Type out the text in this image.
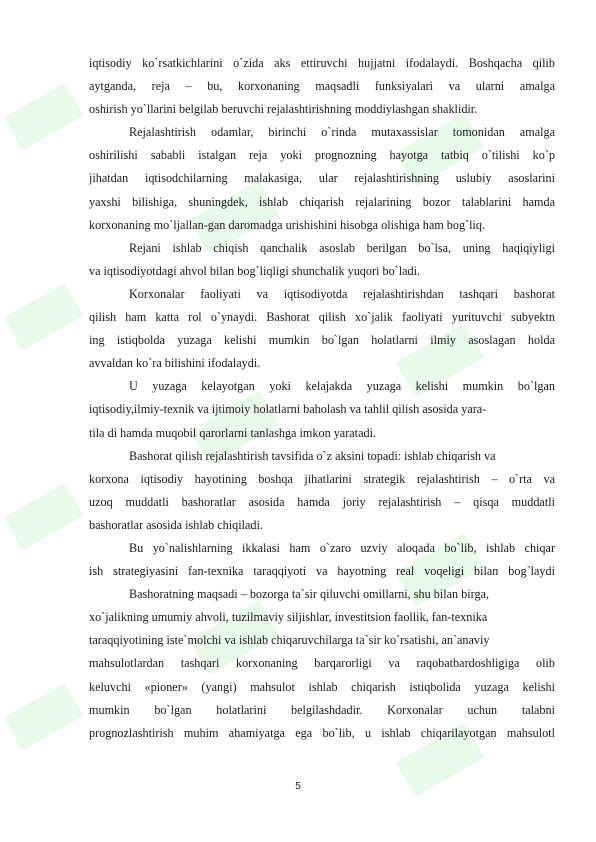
iqtisodiy ko`rsatkichlarini o`zida aks ettiruvchi hujjatni ifodalaydi. Boshqacha qilib
aytganda, reja – bu, korxonaning maqsadli funksiyalari va ularni amalga
oshirish yo`llarini belgilab beruvchi rejalashtirishning moddiylashgan shaklidir.
Rejalashtirish odamlar, birinchi o`rinda mutaxassislar tomonidan amalga
oshirilishi sababli istalgan reja yoki prognozning hayotga tatbiq o`tilishi ko`p
jihatdan iqtisodchilarning malakasiga, ular rejalashtirishning uslubiy asoslarini
yaxshi bilishiga, shuningdek, ishlab chiqarish rejalarining bozor talablarini hamda
korxonaning mo`ljallan-gan daromadga urishishini hisobga olishiga ham bog`liq.
Rejani ishlab chiqish qanchalik asoslab berilgan bo`lsa, uning haqiqiyligi
va iqtisodiyotdagi ahvol bilan bog`liqligi shunchalik yuqori bo`ladi.
Korxonalar faoliyati va iqtisodiyotda rejalashtirishdan tashqari bashorat
qilish ham katta rol o`ynaydi. Bashorat qilish xo`jalik faoliyati yurituvchi subyektn
ing istiqbolda yuzaga kelishi mumkin bo`lgan holatlarni ilmiy asoslagan holda
avvaldan ko`ra bilishini ifodalaydi.
U yuzaga kelayotgan yoki kelajakda yuzaga kelishi mumkin bo`lgan
iqtisodiy,ilmiy-texnik va ijtimoiy holatlarni baholash va tahlil qilish asosida yara-
tila di hamda muqobil qarorlarni tanlashga imkon yaratadi.
Bashorat qilish rejalashtirish tavsifida o`z aksini topadi: ishlab chiqarish va
korxona iqtisodiy hayotining boshqa jihatlarini strategik rejalashtirish – o`rta va
uzoq muddatli bashoratlar asosida hamda joriy rejalashtirish – qisqa muddatli
bashoratlar asosida ishlab chiqiladi.
Bu yo`nalishlarning ikkalasi ham o`zaro uzviy aloqada bo`lib, ishlab chiqar
ish strategiyasini fan-texnika taraqqiyoti va hayotning real voqeligi bilan bog`laydi
Bashoratning maqsadi – bozorga ta`sir qiluvchi omillarni, shu bilan birga,
xo`jalikning umumiy ahvoli, tuzilmaviy siljishlar, investitsion faollik, fan-texnika
taraqqiyotining iste`molchi va ishlab chiqaruvchilarga ta`sir ko`rsatishi, an`anaviy
mahsulotlardan tashqari korxonaning barqarorligi va raqobatbardoshligiga olib
keluvchi «pioner» (yangi) mahsulot ishlab chiqarish istiqbolida yuzaga kelishi
mumkin bo`lgan holatlarini belgilashdadir. Korxonalar uchun talabni
prognozlashtirish muhim ahamiyatga ega bo`lib, u ishlab chiqarilayotgan mahsulotl
5
